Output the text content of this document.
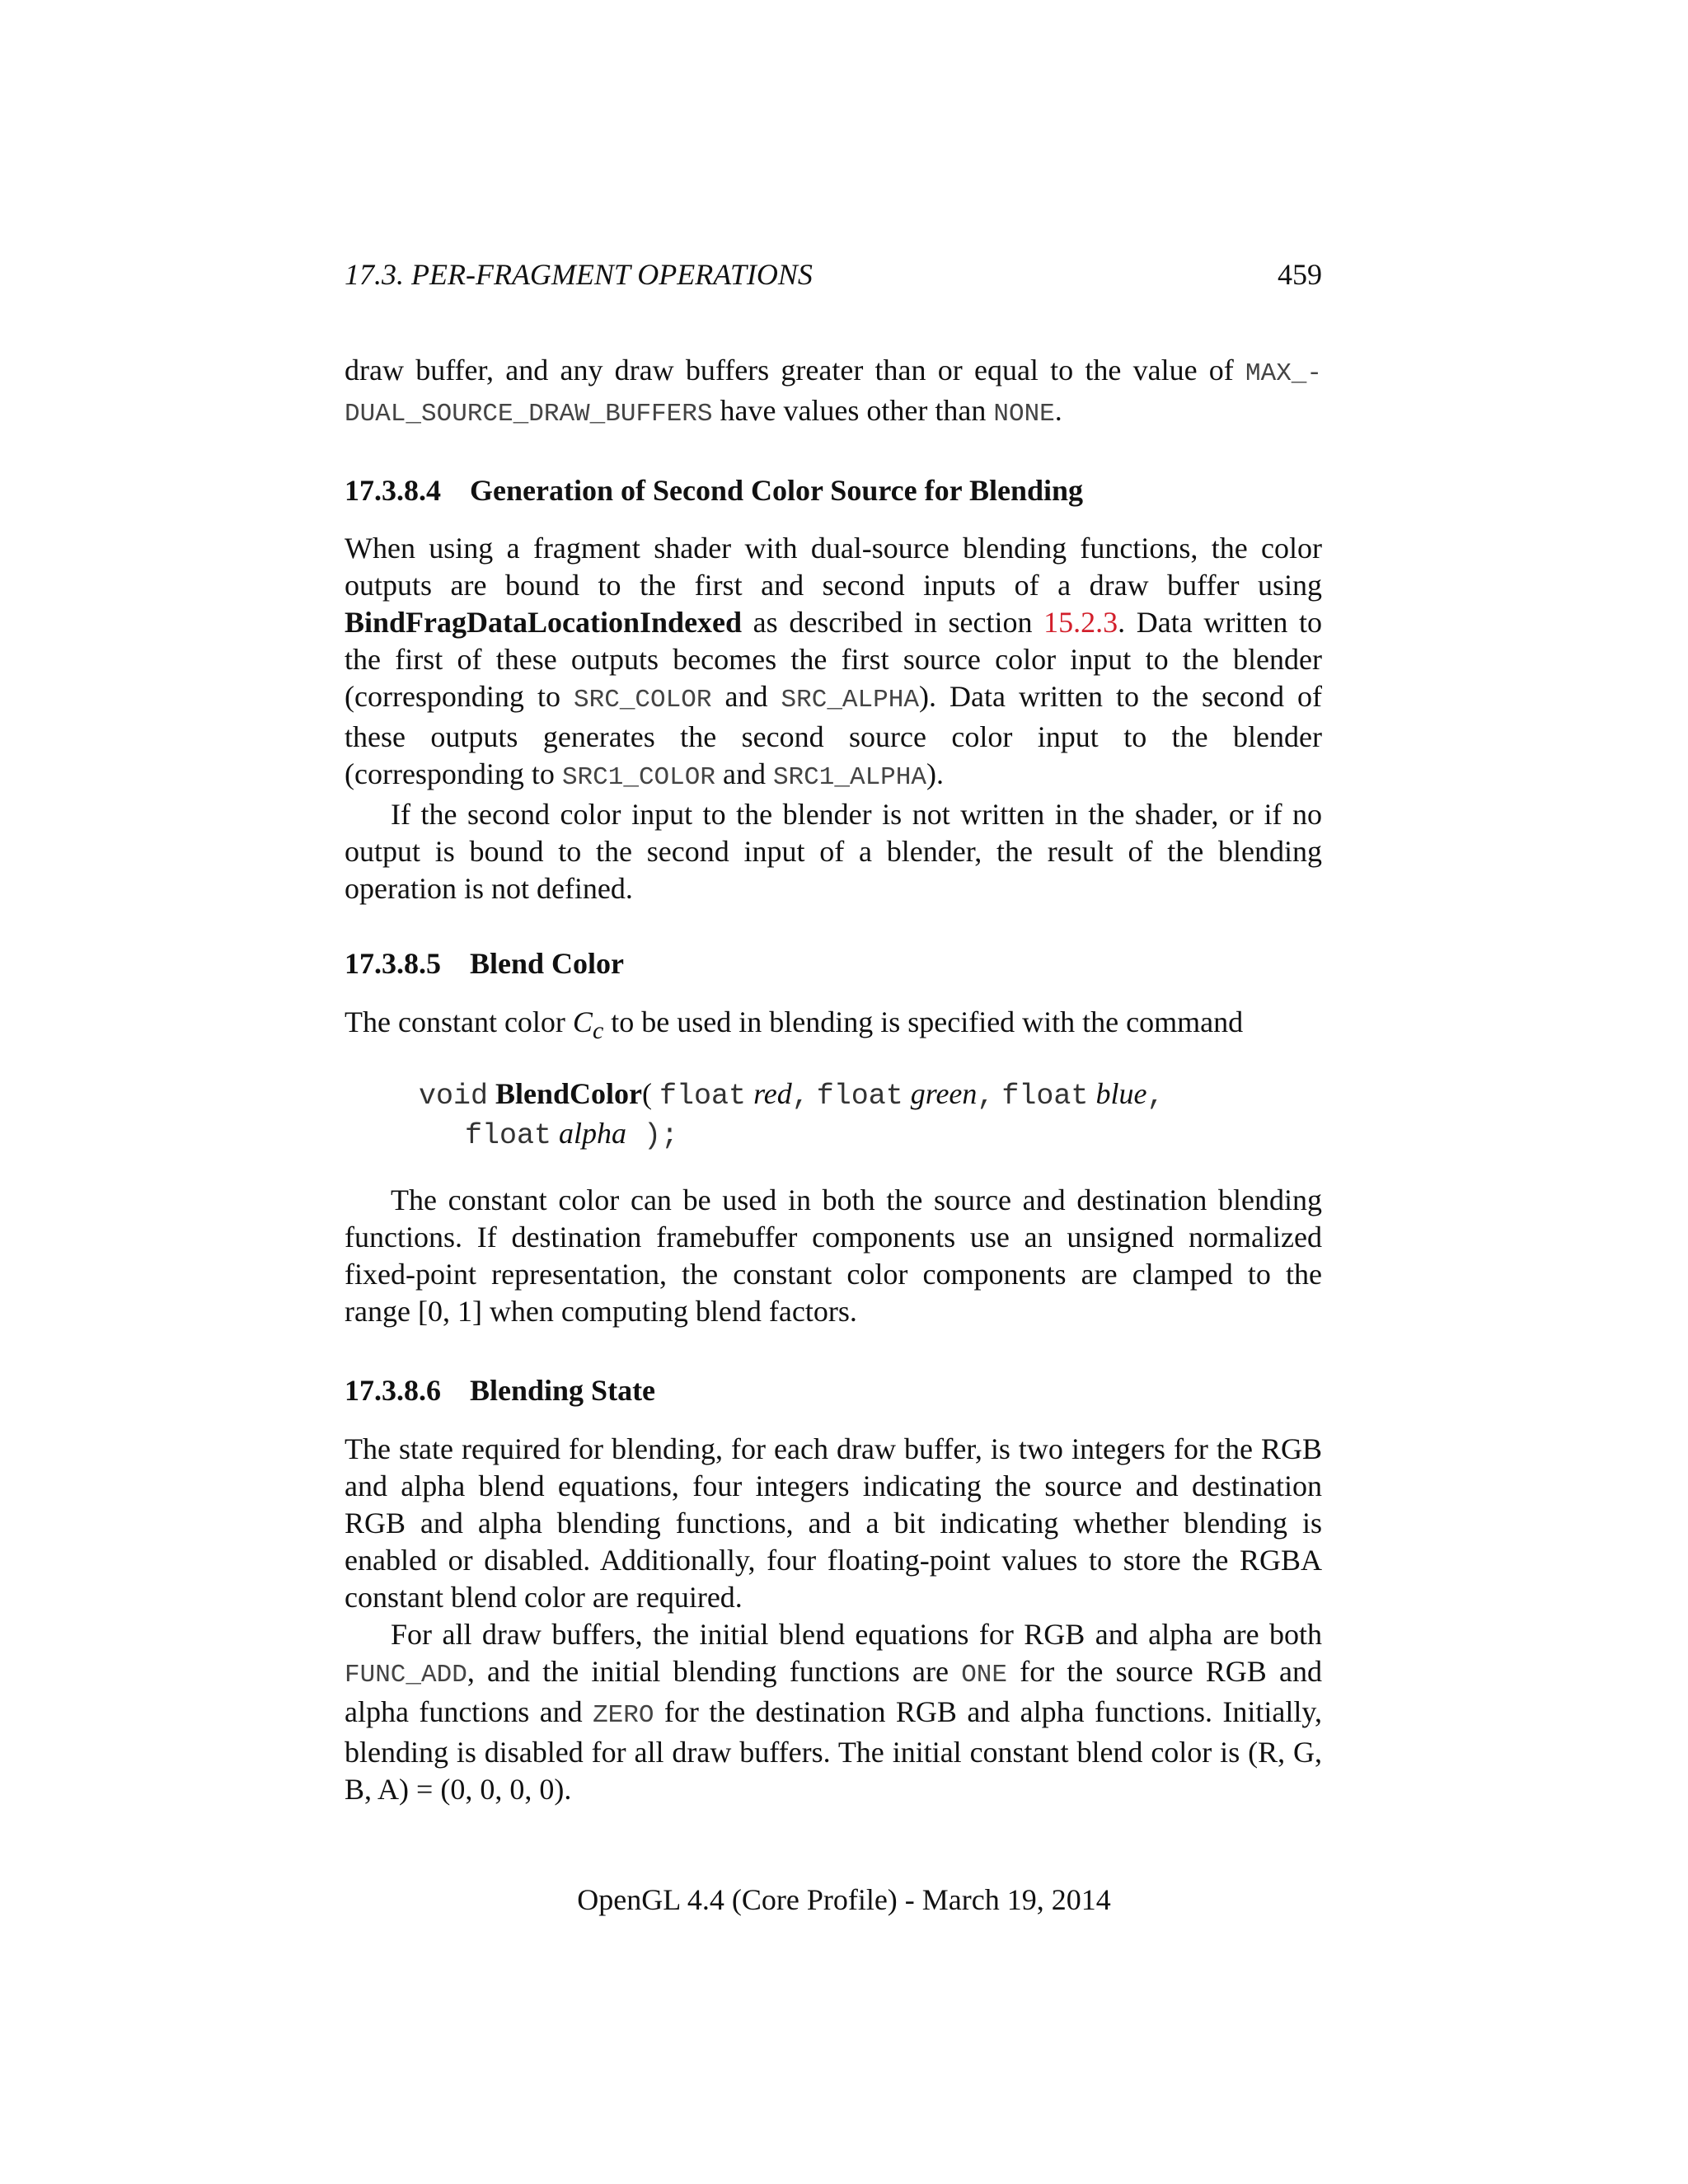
17.3. PER-FRAGMENT OPERATIONS	459
draw buffer, and any draw buffers greater than or equal to the value of MAX_- DUAL_SOURCE_DRAW_BUFFERS have values other than NONE.
17.3.8.4 Generation of Second Color Source for Blending
When using a fragment shader with dual-source blending functions, the color outputs are bound to the first and second inputs of a draw buffer using BindFragDataLocationIndexed as described in section 15.2.3. Data written to the first of these outputs becomes the first source color input to the blender (corresponding to SRC_COLOR and SRC_ALPHA). Data written to the second of these outputs generates the second source color input to the blender (corresponding to SRC1_COLOR and SRC1_ALPHA).
If the second color input to the blender is not written in the shader, or if no output is bound to the second input of a blender, the result of the blending operation is not defined.
17.3.8.5 Blend Color
The constant color $C_c$ to be used in blending is specified with the command
void BlendColor( float red, float green, float blue,
float alpha );
The constant color can be used in both the source and destination blending functions. If destination framebuffer components use an unsigned normalized fixed-point representation, the constant color components are clamped to the range [0, 1] when computing blend factors.
17.3.8.6 Blending State
The state required for blending, for each draw buffer, is two integers for the RGB and alpha blend equations, four integers indicating the source and destination RGB and alpha blending functions, and a bit indicating whether blending is enabled or disabled. Additionally, four floating-point values to store the RGBA constant blend color are required.
For all draw buffers, the initial blend equations for RGB and alpha are both FUNC_ADD, and the initial blending functions are ONE for the source RGB and alpha functions and ZERO for the destination RGB and alpha functions. Initially, blending is disabled for all draw buffers. The initial constant blend color is (R, G, B, A) = (0, 0, 0, 0).
OpenGL 4.4 (Core Profile) - March 19, 2014
